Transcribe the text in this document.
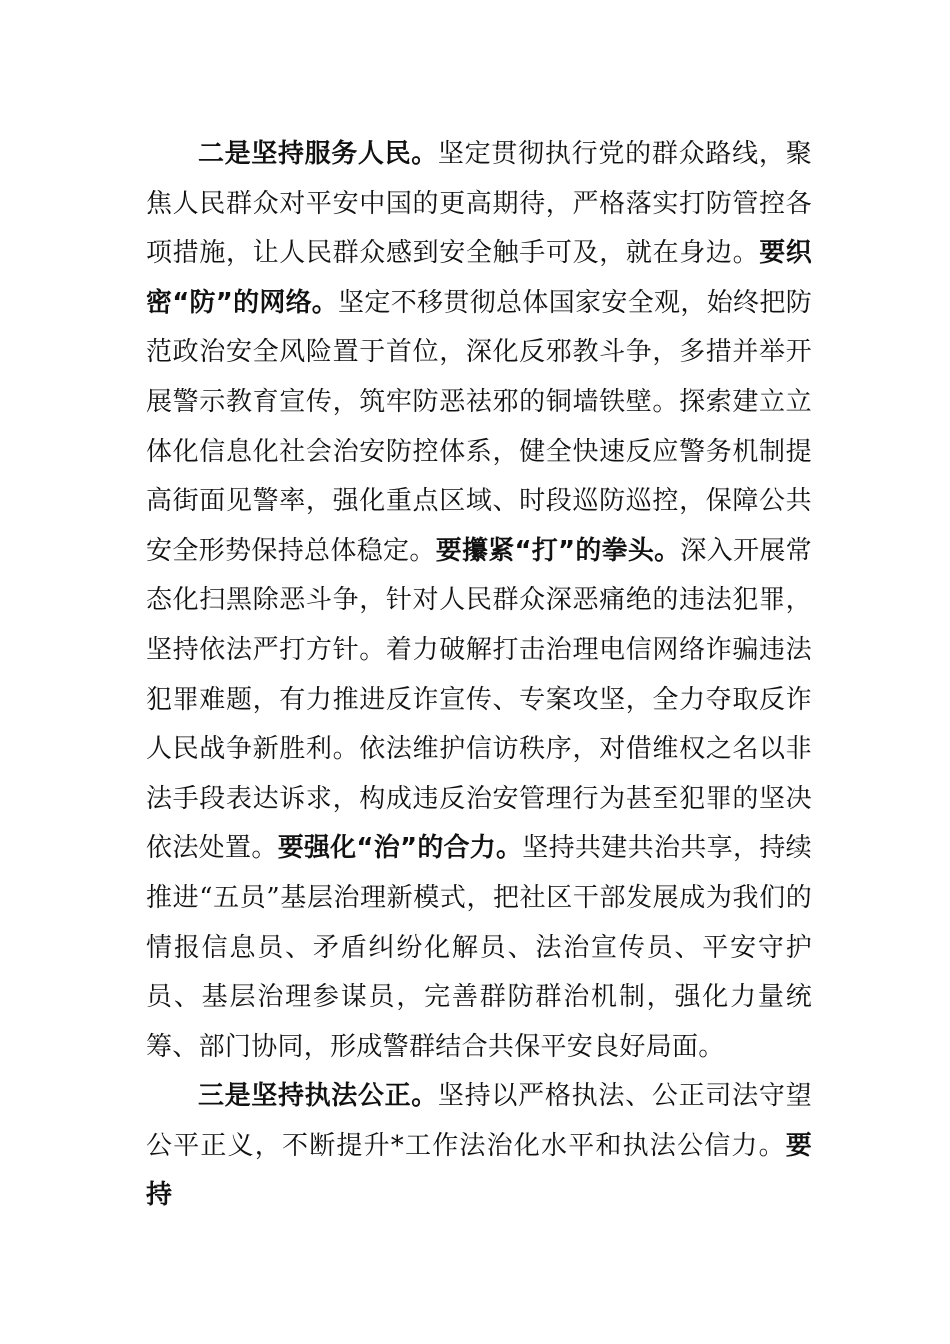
二是坚持服务人民。坚定贯彻执行党的群众路线，聚焦人民群众对平安中国的更高期待，严格落实打防管控各项措施，让人民群众感到安全触手可及，就在身边。要织密“防”的网络。坚定不移贯彻总体国家安全观，始终把防范政治安全风险置于首位，深化反邪教斗争，多措并举开展警示教育宣传，筑牢防恶祛邪的铜墙铁壁。探索建立立体化信息化社会治安防控体系，健全快速反应警务机制提高街面见警率，强化重点区域、时段巡防巡控，保障公共安全形势保持总体稳定。要攥紧“打”的拳头。深入开展常态化扫黑除恶斗争，针对人民群众深恶痛绝的违法犯罪，坚持依法严打方针。着力破解打击治理电信网络诈骗违法犯罪难题，有力推进反诈宣传、专案攻坚，全力夺取反诈人民战争新胜利。依法维护信访秩序，对借维权之名以非法手段表达诉求，构成违反治安管理行为甚至犯罪的坚决依法处置。要强化“治”的合力。坚持共建共治共享，持续推进“五员”基层治理新模式，把社区干部发展成为我们的情报信息员、矛盾纠纷化解员、法治宣传员、平安守护员、基层治理参谋员，完善群防群治机制，强化力量统筹、部门协同，形成警群结合共保平安良好局面。

三是坚持执法公正。坚持以严格执法、公正司法守望公平正义，不断提升*工作法治化水平和执法公信力。要持
